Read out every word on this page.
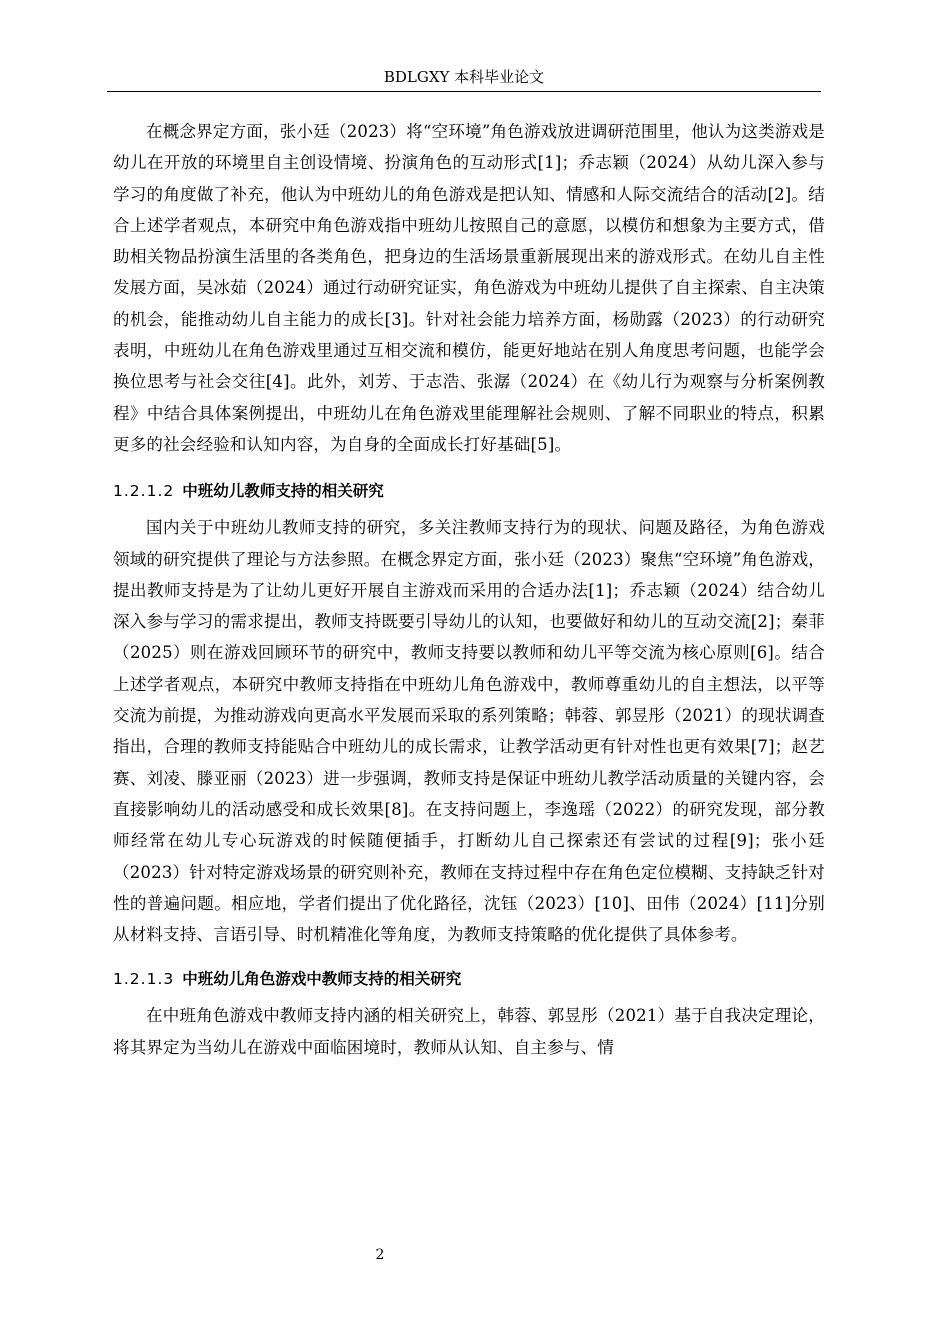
BDLGXY 本科毕业论文

在概念界定方面，张小廷（2023）将“空环境”角色游戏放进调研范围里，他认为这类游戏是幼儿在开放的环境里自主创设情境、扮演角色的互动形式[1]；乔志颖（2024）从幼儿深入参与学习的角度做了补充，他认为中班幼儿的角色游戏是把认知、情感和人际交流结合的活动[2]。结合上述学者观点，本研究中角色游戏指中班幼儿按照自己的意愿，以模仿和想象为主要方式，借助相关物品扮演生活里的各类角色，把身边的生活场景重新展现出来的游戏形式。在幼儿自主性发展方面，吴冰茹（2024）通过行动研究证实，角色游戏为中班幼儿提供了自主探索、自主决策的机会，能推动幼儿自主能力的成长[3]。针对社会能力培养方面，杨勋露（2023）的行动研究表明，中班幼儿在角色游戏里通过互相交流和模仿，能更好地站在别人角度思考问题，也能学会换位思考与社会交往[4]。此外，刘芳、于志浩、张潺（2024）在《幼儿行为观察与分析案例教程》中结合具体案例提出，中班幼儿在角色游戏里能理解社会规则、了解不同职业的特点，积累更多的社会经验和认知内容，为自身的全面成长打好基础[5]。

1.2.1.2 中班幼儿教师支持的相关研究

国内关于中班幼儿教师支持的研究，多关注教师支持行为的现状、问题及路径，为角色游戏领域的研究提供了理论与方法参照。在概念界定方面，张小廷（2023）聚焦“空环境”角色游戏，提出教师支持是为了让幼儿更好开展自主游戏而采用的合适办法[1]；乔志颖（2024）结合幼儿深入参与学习的需求提出，教师支持既要引导幼儿的认知，也要做好和幼儿的互动交流[2]；秦菲（2025）则在游戏回顾环节的研究中，教师支持要以教师和幼儿平等交流为核心原则[6]。结合上述学者观点，本研究中教师支持指在中班幼儿角色游戏中，教师尊重幼儿的自主想法，以平等交流为前提，为推动游戏向更高水平发展而采取的系列策略；韩蓉、郭昱彤（2021）的现状调查指出，合理的教师支持能贴合中班幼儿的成长需求，让教学活动更有针对性也更有效果[7]；赵艺赛、刘凌、滕亚丽（2023）进一步强调，教师支持是保证中班幼儿教学活动质量的关键内容，会直接影响幼儿的活动感受和成长效果[8]。在支持问题上，李逸瑶（2022）的研究发现，部分教师经常在幼儿专心玩游戏的时候随便插手，打断幼儿自己探索还有尝试的过程[9]；张小廷（2023）针对特定游戏场景的研究则补充，教师在支持过程中存在角色定位模糊、支持缺乏针对性的普遍问题。相应地，学者们提出了优化路径，沈钰（2023）[10]、田伟（2024）[11]分别从材料支持、言语引导、时机精准化等角度，为教师支持策略的优化提供了具体参考。

1.2.1.3 中班幼儿角色游戏中教师支持的相关研究

在中班角色游戏中教师支持内涵的相关研究上，韩蓉、郭昱彤（2021）基于自我决定理论，将其界定为当幼儿在游戏中面临困境时，教师从认知、自主参与、情

2
